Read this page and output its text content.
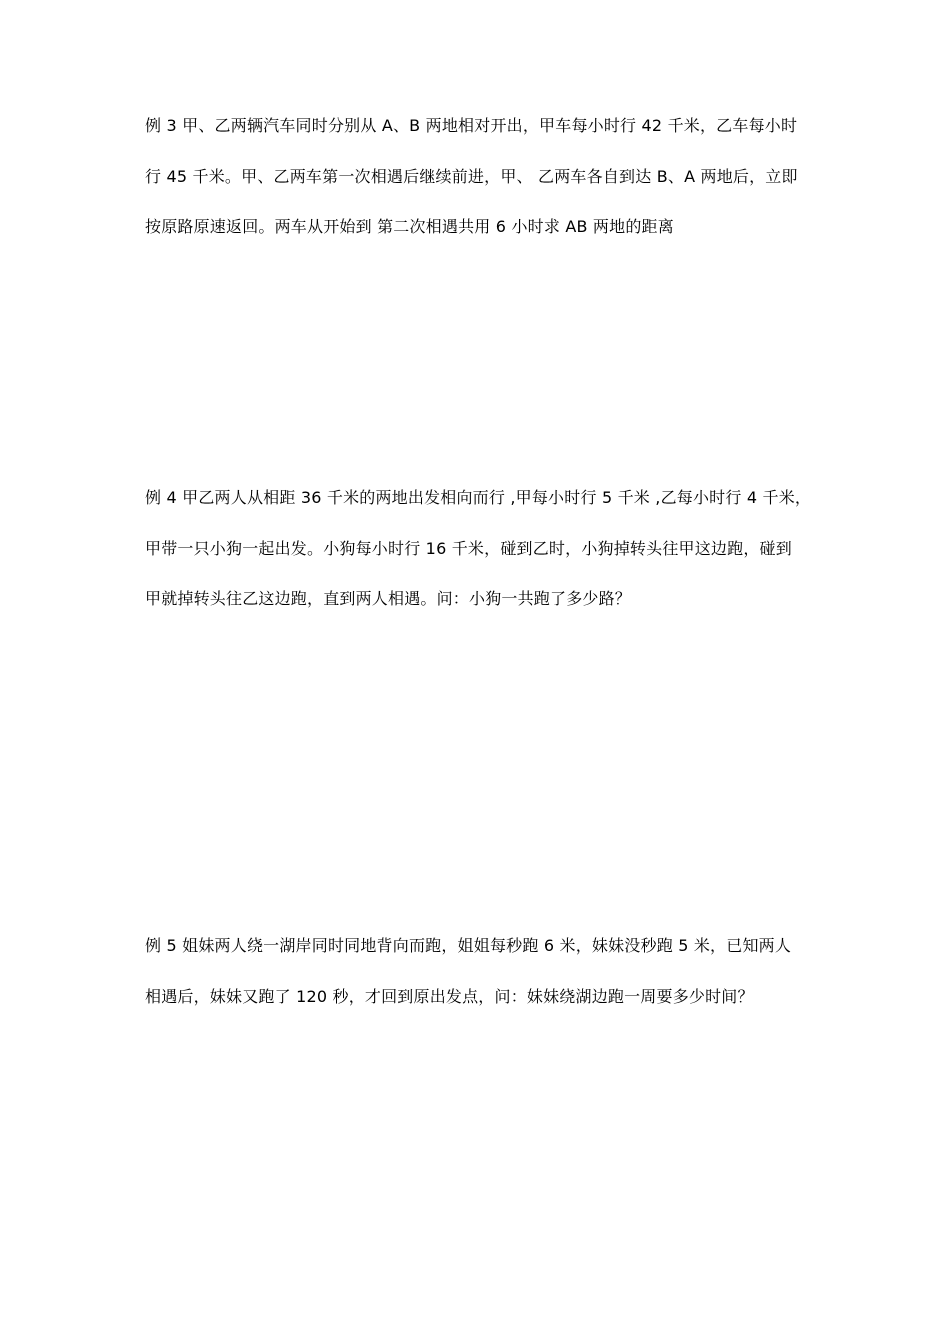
例 3 甲、乙两辆汽车同时分别从 A、B 两地相对开出，甲车每小时行 42 千米，乙车每小时
行 45 千米。甲、乙两车第一次相遇后继续前进，甲、 乙两车各自到达 B、A 两地后，立即
按原路原速返回。两车从开始到 第二次相遇共用 6 小时求 AB 两地的距离
例 4 甲乙两人从相距 36 千米的两地出发相向而行 ,甲每小时行 5 千米 ,乙每小时行 4 千米，
甲带一只小狗一起出发。小狗每小时行 16 千米，碰到乙时，小狗掉转头往甲这边跑，碰到
甲就掉转头往乙这边跑，直到两人相遇。问：小狗一共跑了多少路？
例 5 姐妹两人绕一湖岸同时同地背向而跑，姐姐每秒跑 6 米，妹妹没秒跑 5 米，已知两人
相遇后，妹妹又跑了 120 秒，才回到原出发点，问：妹妹绕湖边跑一周要多少时间？
